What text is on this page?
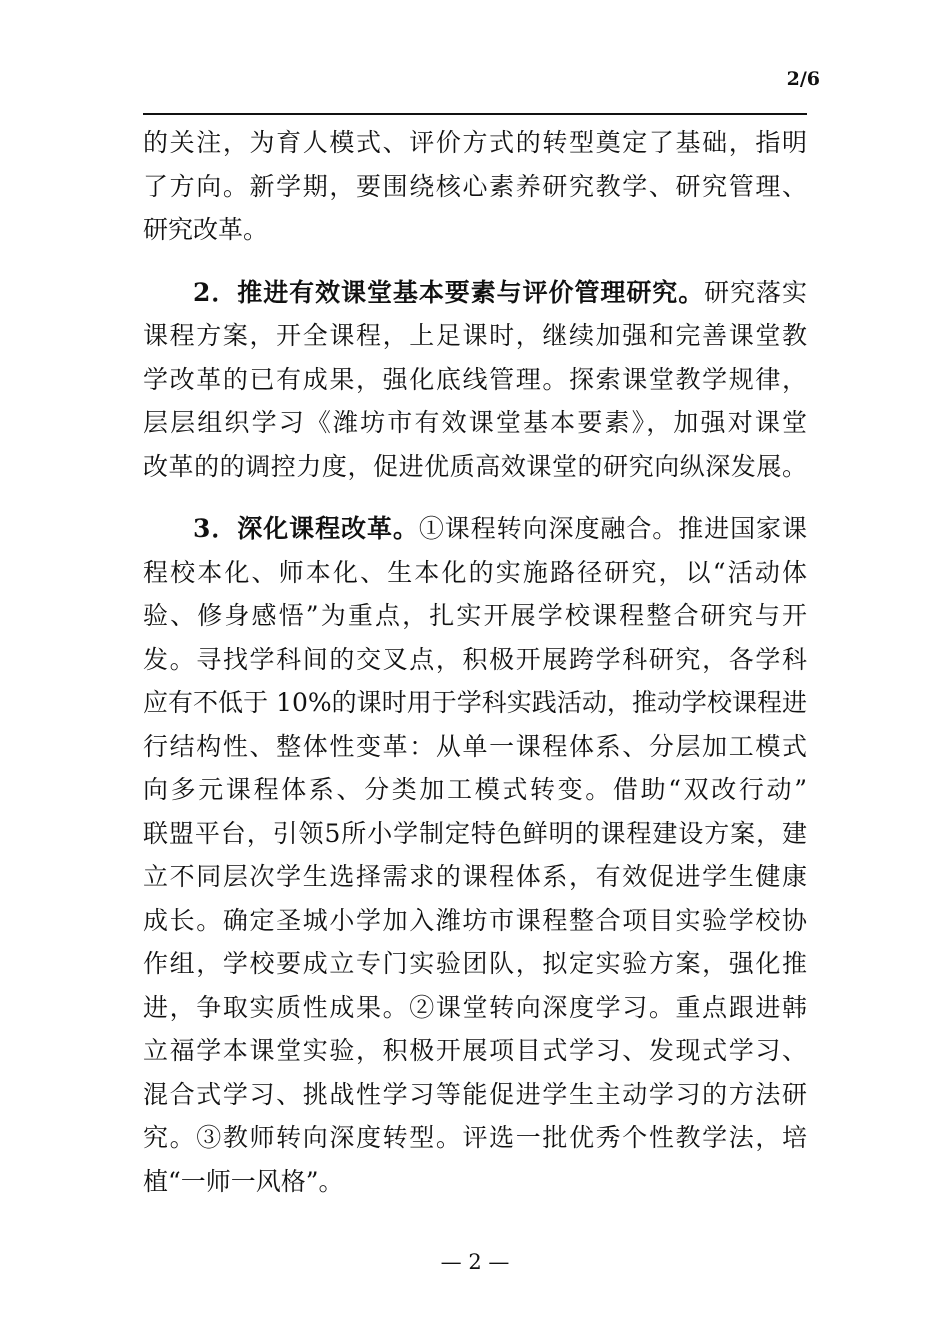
2/6
的关注，为育人模式、评价方式的转型奠定了基础，指明
了方向。新学期，要围绕核心素养研究教学、研究管理、
研究改革。
2．推进有效课堂基本要素与评价管理研究。研究落实
课程方案，开全课程，上足课时，继续加强和完善课堂教
学改革的已有成果，强化底线管理。探索课堂教学规律，
层层组织学习《潍坊市有效课堂基本要素》，加强对课堂
改革的的调控力度，促进优质高效课堂的研究向纵深发展。
3．深化课程改革。①课程转向深度融合。推进国家课
程校本化、师本化、生本化的实施路径研究，以“活动体
验、修身感悟”为重点，扎实开展学校课程整合研究与开
发。寻找学科间的交叉点，积极开展跨学科研究，各学科
应有不低于 10%的课时用于学科实践活动，推动学校课程进
行结构性、整体性变革：从单一课程体系、分层加工模式
向多元课程体系、分类加工模式转变。借助“双改行动”
联盟平台，引领5所小学制定特色鲜明的课程建设方案，建
立不同层次学生选择需求的课程体系，有效促进学生健康
成长。确定圣城小学加入潍坊市课程整合项目实验学校协
作组，学校要成立专门实验团队，拟定实验方案，强化推
进，争取实质性成果。②课堂转向深度学习。重点跟进韩
立福学本课堂实验，积极开展项目式学习、发现式学习、
混合式学习、挑战性学习等能促进学生主动学习的方法研
究。③教师转向深度转型。评选一批优秀个性教学法，培
植“一师一风格”。
— 2 —
